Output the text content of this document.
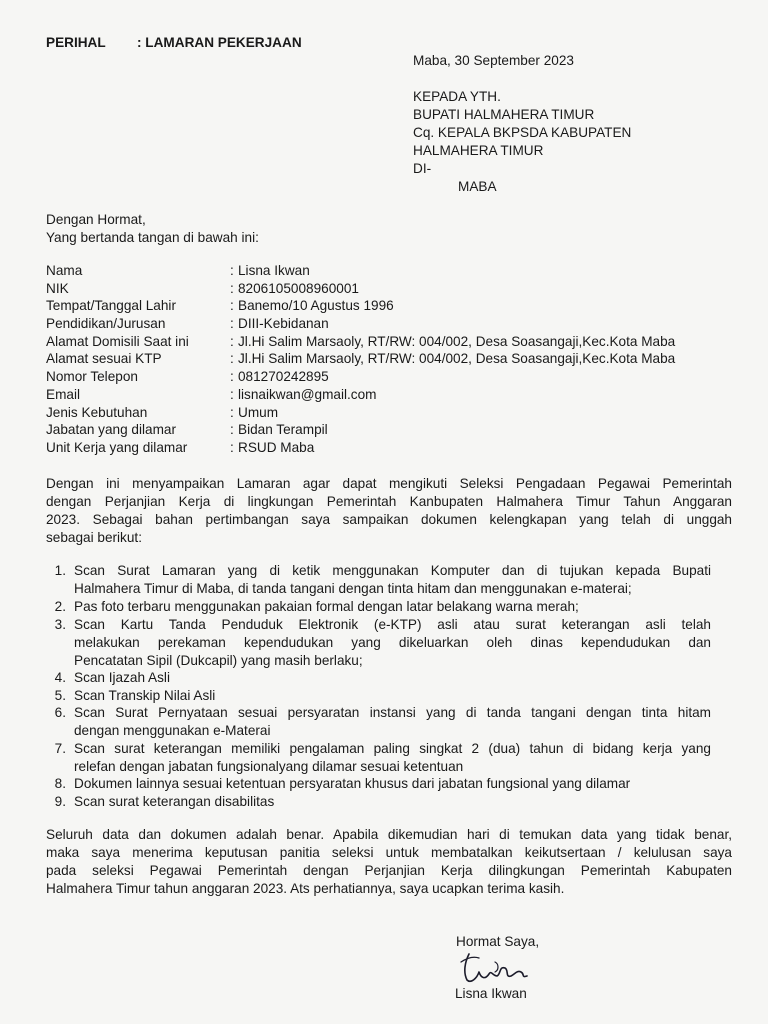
PERIHAL : LAMARAN PEKERJAAN
Maba, 30 September 2023
KEPADA YTH.
BUPATI HALMAHERA TIMUR
Cq. KEPALA BKPSDA KABUPATEN
HALMAHERA TIMUR
DI-
MABA
Dengan Hormat,
Yang bertanda tangan di bawah ini:
Nama	: Lisna Ikwan
NIK	: 8206105008960001
Tempat/Tanggal Lahir	: Banemo/10 Agustus 1996
Pendidikan/Jurusan	: DIII-Kebidanan
Alamat Domisili Saat ini	: Jl.Hi Salim Marsaoly, RT/RW: 004/002, Desa Soasangaji,Kec.Kota Maba
Alamat sesuai KTP	: Jl.Hi Salim Marsaoly, RT/RW: 004/002, Desa Soasangaji,Kec.Kota Maba
Nomor Telepon	: 081270242895
Email	: lisnaikwan@gmail.com
Jenis Kebutuhan	: Umum
Jabatan yang dilamar	: Bidan Terampil
Unit Kerja yang dilamar	: RSUD Maba
Dengan ini menyampaikan Lamaran agar dapat mengikuti Seleksi Pengadaan Pegawai Pemerintah
dengan Perjanjian Kerja di lingkungan Pemerintah Kanbupaten Halmahera Timur Tahun Anggaran
2023. Sebagai bahan pertimbangan saya sampaikan dokumen kelengkapan yang telah di unggah
sebagai berikut:
1. Scan Surat Lamaran yang di ketik menggunakan Komputer dan di tujukan kepada Bupati
Halmahera Timur di Maba, di tanda tangani dengan tinta hitam dan menggunakan e-materai;
2. Pas foto terbaru menggunakan pakaian formal dengan latar belakang warna merah;
3. Scan Kartu Tanda Penduduk Elektronik (e-KTP) asli atau surat keterangan asli telah
melakukan perekaman kependudukan yang dikeluarkan oleh dinas kependudukan dan
Pencatatan Sipil (Dukcapil) yang masih berlaku;
4. Scan Ijazah Asli
5. Scan Transkip Nilai Asli
6. Scan Surat Pernyataan sesuai persyaratan instansi yang di tanda tangani dengan tinta hitam
dengan menggunakan e-Materai
7. Scan surat keterangan memiliki pengalaman paling singkat 2 (dua) tahun di bidang kerja yang
relefan dengan jabatan fungsionalyang dilamar sesuai ketentuan
8. Dokumen lainnya sesuai ketentuan persyaratan khusus dari jabatan fungsional yang dilamar
9. Scan surat keterangan disabilitas
Seluruh data dan dokumen adalah benar. Apabila dikemudian hari di temukan data yang tidak benar,
maka saya menerima keputusan panitia seleksi untuk membatalkan keikutsertaan / kelulusan saya
pada seleksi Pegawai Pemerintah dengan Perjanjian Kerja dilingkungan Pemerintah Kabupaten
Halmahera Timur tahun anggaran 2023. Ats perhatiannya, saya ucapkan terima kasih.
Hormat Saya,
Lisna Ikwan
